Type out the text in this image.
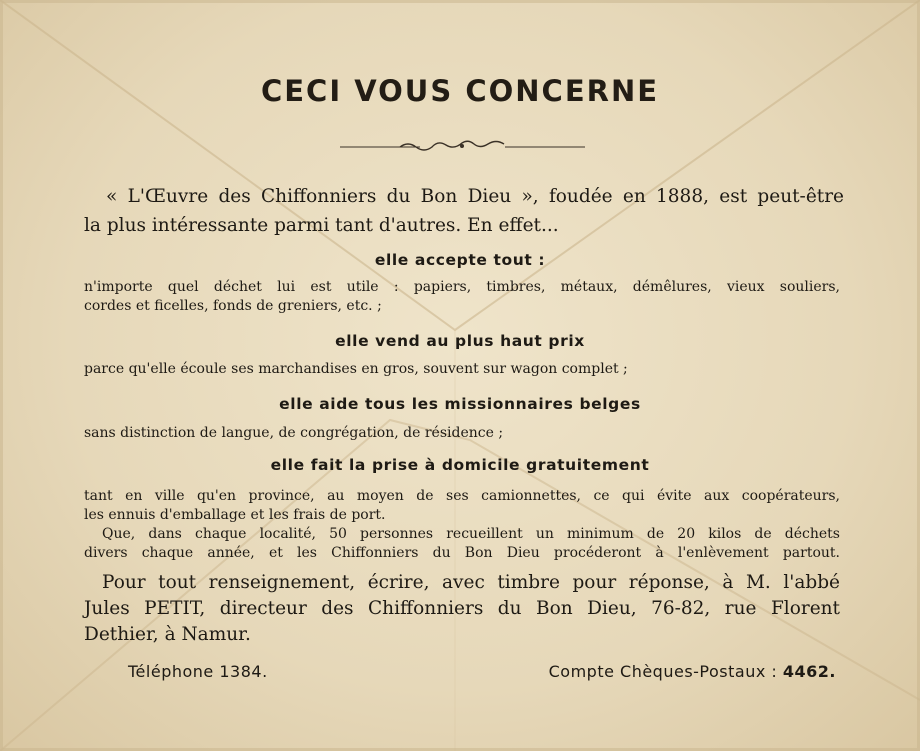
CECI VOUS CONCERNE
« L'Œuvre des Chiffonniers du Bon Dieu », foudée en 1888, est peut-être
la plus intéressante parmi tant d'autres. En effet...
elle accepte tout :
n'importe quel déchet lui est utile : papiers, timbres, métaux, démêlures, vieux souliers,
cordes et ficelles, fonds de greniers, etc. ;
elle vend au plus haut prix
parce qu'elle écoule ses marchandises en gros, souvent sur wagon complet ;
elle aide tous les missionnaires belges
sans distinction de langue, de congrégation, de résidence ;
elle fait la prise à domicile gratuitement
tant en ville qu'en province, au moyen de ses camionnettes, ce qui évite aux coopérateurs,
les ennuis d'emballage et les frais de port.
Que, dans chaque localité, 50 personnes recueillent un minimum de 20 kilos de déchets
divers chaque année, et les Chiffonniers du Bon Dieu procéderont à l'enlèvement partout.
Pour tout renseignement, écrire, avec timbre pour réponse, à M. l'abbé
Jules PETIT, directeur des Chiffonniers du Bon Dieu, 76-82, rue Florent
Dethier, à Namur.
Téléphone 1384.	Compte Chèques-Postaux : 4462.
